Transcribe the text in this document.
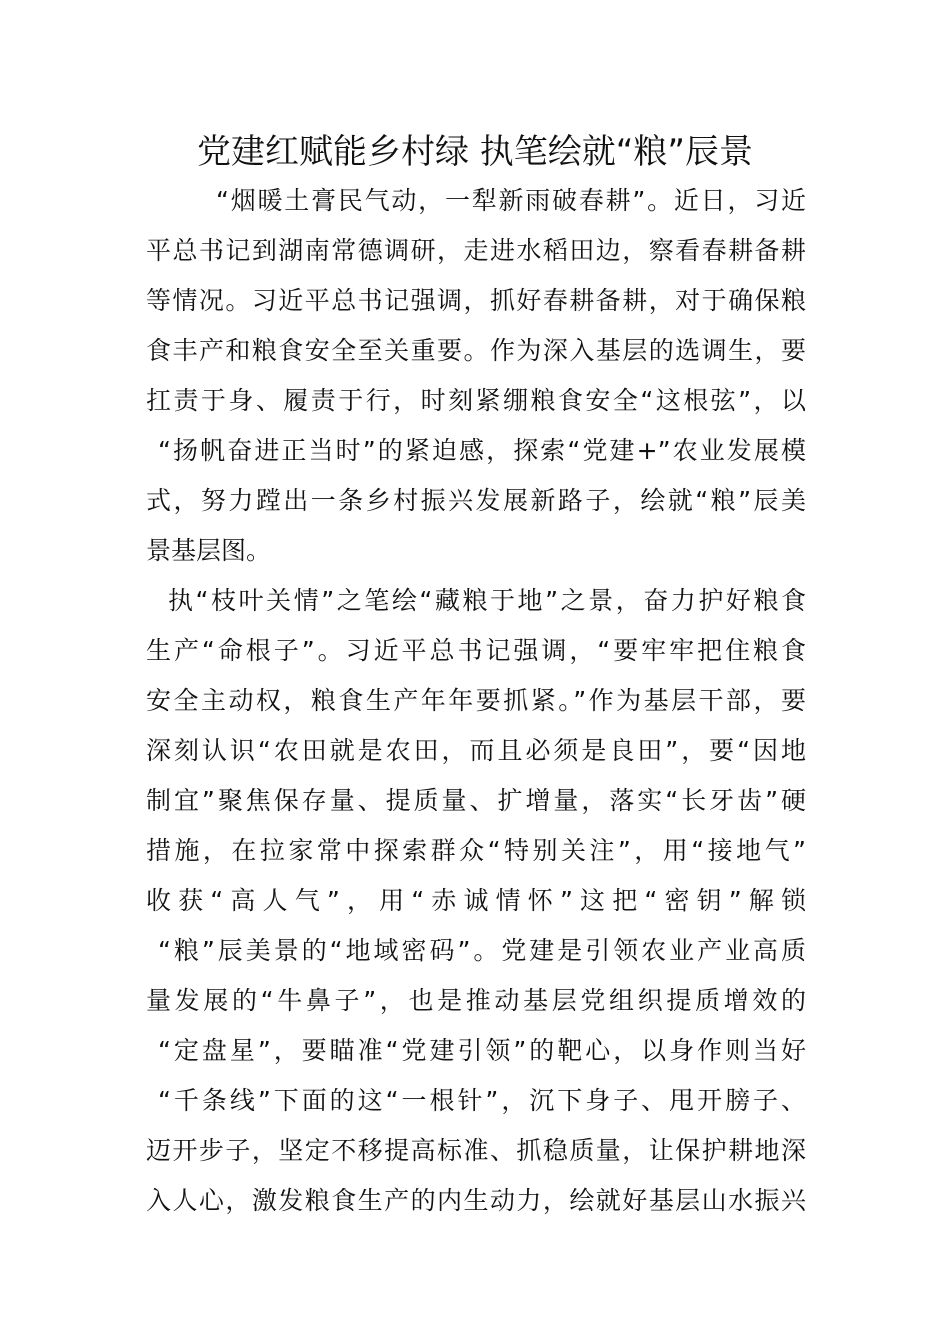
党建红赋能乡村绿 执笔绘就“粮”辰景
“烟暖土膏民气动，一犁新雨破春耕”。近日，习近
平总书记到湖南常德调研，走进水稻田边，察看春耕备耕
等情况。习近平总书记强调，抓好春耕备耕，对于确保粮
食丰产和粮食安全至关重要。作为深入基层的选调生，要
扛责于身、履责于行，时刻紧绷粮食安全“这根弦”，以
“扬帆奋进正当时”的紧迫感，探索“党建+”农业发展模
式，努力蹚出一条乡村振兴发展新路子，绘就“粮”辰美
景基层图。
执“枝叶关情”之笔绘“藏粮于地”之景，奋力护好粮食
生产“命根子”。习近平总书记强调，“要牢牢把住粮食
安全主动权，粮食生产年年要抓紧。”作为基层干部，要
深刻认识“农田就是农田，而且必须是良田”，要“因地
制宜”聚焦保存量、提质量、扩增量，落实“长牙齿”硬
措施，在拉家常中探索群众“特别关注”，用“接地气”
收获“高人气”，用“赤诚情怀”这把“密钥”解锁
“粮”辰美景的“地域密码”。党建是引领农业产业高质
量发展的“牛鼻子”，也是推动基层党组织提质增效的
“定盘星”，要瞄准“党建引领”的靶心，以身作则当好
“千条线”下面的这“一根针”，沉下身子、甩开膀子、
迈开步子，坚定不移提高标准、抓稳质量，让保护耕地深
入人心，激发粮食生产的内生动力，绘就好基层山水振兴
